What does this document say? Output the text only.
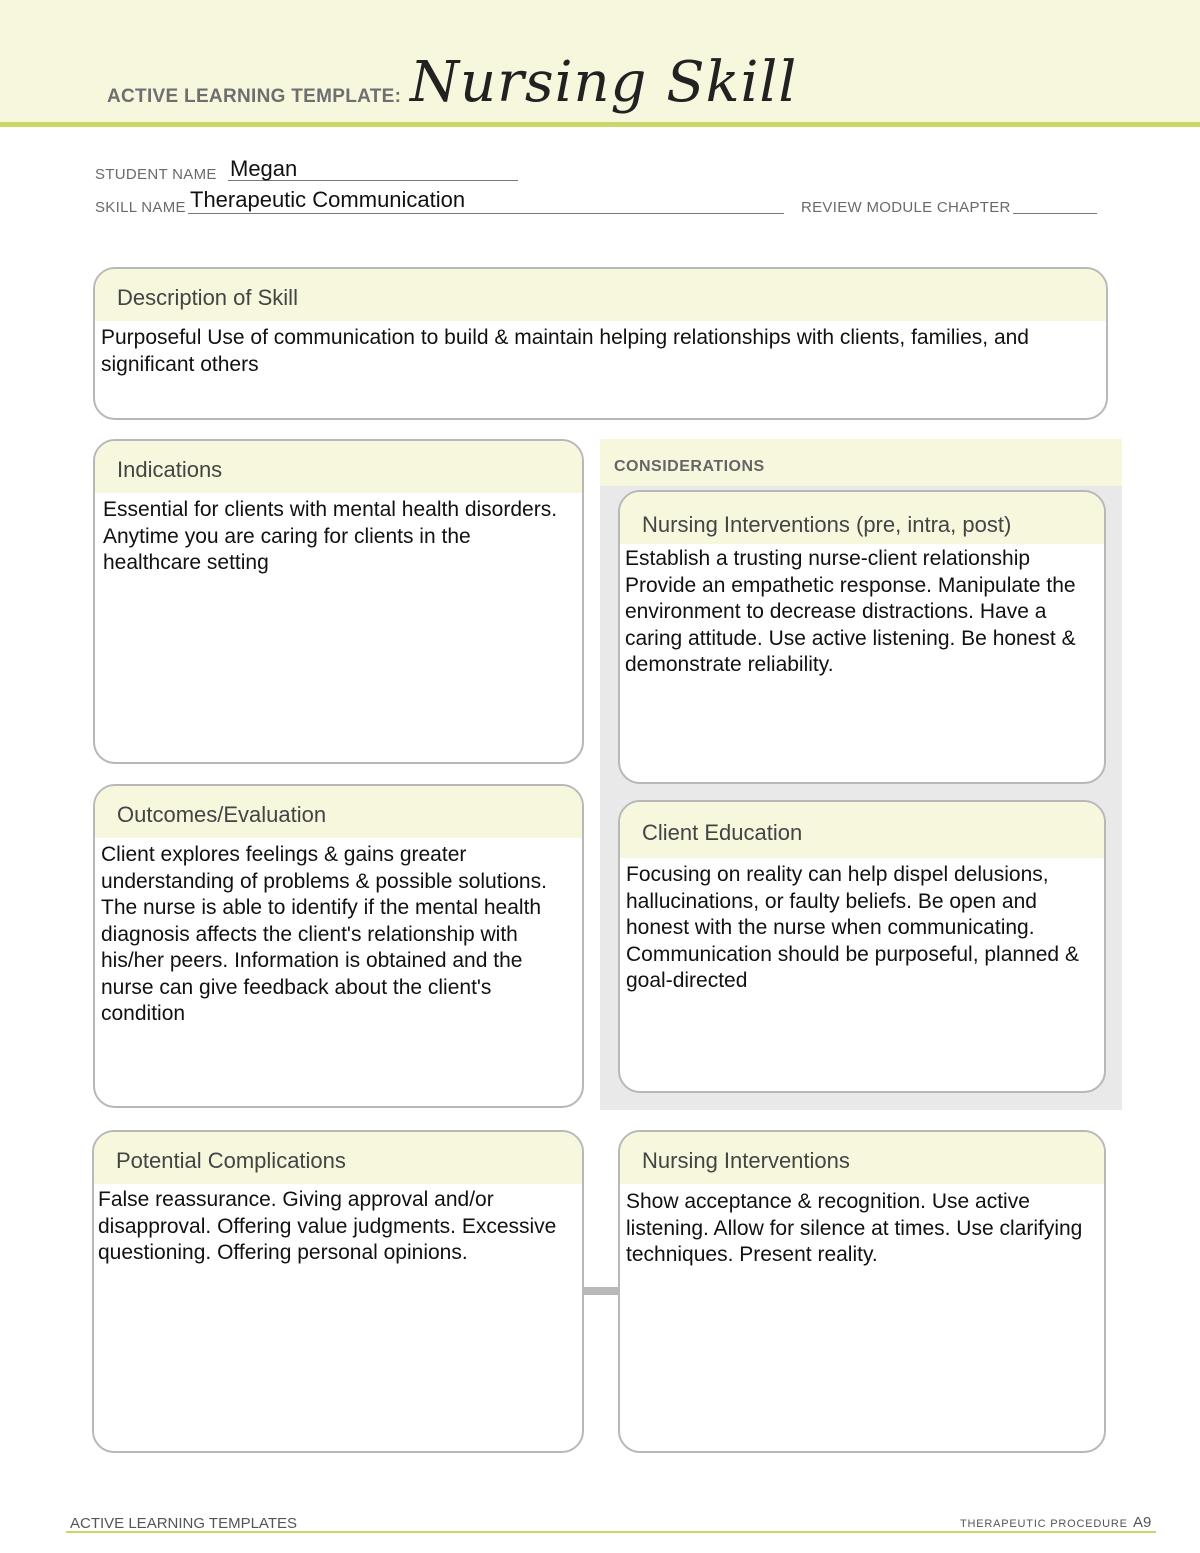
ACTIVE LEARNING TEMPLATE: Nursing Skill
STUDENT NAME Megan
SKILL NAME Therapeutic Communication	REVIEW MODULE CHAPTER
Description of Skill
Purposeful Use of communication to build & maintain helping relationships with clients, families, and significant others
Indications
Essential for clients with mental health disorders. Anytime you are caring for clients in the healthcare setting
CONSIDERATIONS
Nursing Interventions (pre, intra, post)
Establish a trusting nurse-client relationship Provide an empathetic response. Manipulate the environment to decrease distractions. Have a caring attitude. Use active listening. Be honest & demonstrate reliability.
Outcomes/Evaluation
Client explores feelings & gains greater understanding of problems & possible solutions. The nurse is able to identify if the mental health diagnosis affects the client's relationship with his/her peers. Information is obtained and the nurse can give feedback about the client's condition
Client Education
Focusing on reality can help dispel delusions, hallucinations, or faulty beliefs. Be open and honest with the nurse when communicating. Communication should be purposeful, planned & goal-directed
Potential Complications
False reassurance. Giving approval and/or disapproval. Offering value judgments. Excessive questioning. Offering personal opinions.
Nursing Interventions
Show acceptance & recognition. Use active listening. Allow for silence at times. Use clarifying techniques. Present reality.
ACTIVE LEARNING TEMPLATES	THERAPEUTIC PROCEDURE A9
